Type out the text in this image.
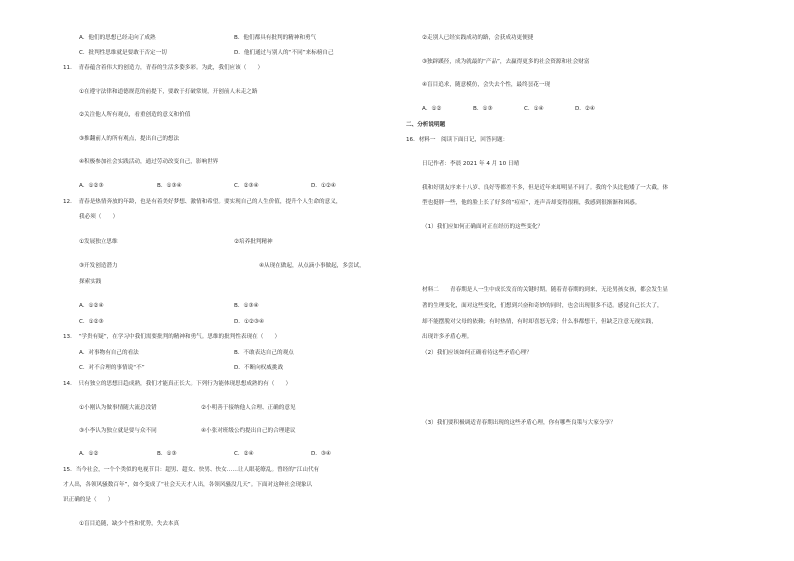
A．他们的思想已经走向了成熟	B．他们都具有批判的精神和勇气
C．批判性思维就是要敢于否定一切	D．他们通过与别人的“不同”来标榜自己
11．　青春蕴含着伟大的创造力，青春的生活多姿多彩。为此，我们应该（　　）
①在遵守法律和道德规范的前提下，要敢于打破常规，开创前人未走之路
②关注他人所有观点，看重创造的意义和价值
③推翻前人的所有观点，提出自己的想法
④积极参加社会实践活动，通过劳动改变自己，影响世界
A．①②③	B．①③④	C．②③④	D．①②④
12．　青春是热情奔放的年龄，也是有着美好梦想、激情和希望。要实现自己的人生价值，提升个人生命的意义，
我必须（　　）
①发展独立思维	②培养批判精神
③开发创造潜力	④从现在做起，从点滴小事做起，多尝试，
探索实践
A．①②④	B．①③④
C．①②③	D．①②③④
13．　“学贵有疑”，在学习中我们需要批判的精神和勇气。思维的批判性表现在（　　）
A．对事物有自己的看法	B．不敢表达自己的观点
C．对不合理的事情说“不”	D．不断向权威挑战
14．　只有独立的思想日趋成熟，我们才能真正长大。下列行为能体现思想成熟的有（　　）
①小刚认为做事情随大流总没错	②小明善于接纳他人合理、正确的意见
③小李认为独立就是要与众不同	④小张对班级公约提出自己的合理建议
A．①②	B．①③	C．②④	D．③④
15．当今社会，一个个类似的电视节目：超男、超女、快男、快女……让人眼花缭乱。曾经的“江山代有
才人出，各领风骚数百年”，如今变成了“社会天天才人出，各领风骚没几天”。下面对这种社会现象认
识正确的是（　　）
①盲目追随，缺少个性和优势，失去本真
②走别人已经实践成功的路，会获成功更便捷
③独辟蹊径，成为就最的“产品”，去赢得更多的社会资源和社会财富
④盲目追求，随意模仿，会失去个性，最终昙花一现
A．①②	B．①③	C．①④	D．②④
二、分析说明题
16．材料一　阅读下面日记，回答问题：
日记作者：李晨 2021 年 4 月 10 日晴
我和好朋友序来十八岁、良好等都差不多，但是近年来却明显不同了。我的个头比他矮了一大截，体
型也挺胖一些，他的脸上长了好多的“痘痘”，连声音却变得很粗，我感到很渐渐和困惑。
（1）我们应如何正确面对正在经历的这些变化？
材料二　　青春期是人一生中成长发育的关键时期。随着青春期的到来，无论男孩女孩，都会发生显
著的生理变化，面对这些变化，们想到兴奋和奇妙的同时，也会出现很多不适。感觉自己长大了，
却不能摆脱对父母的依赖；有时热情，有时却喜怒无常；什么事都想干，但缺乏注意无视实践，
出现许多矛盾心理。
（2）我们应该如何正确看待这些矛盾心理？
（3）我们要积极调适青春期出现的这些矛盾心理，你有哪些良策与大家分享？
